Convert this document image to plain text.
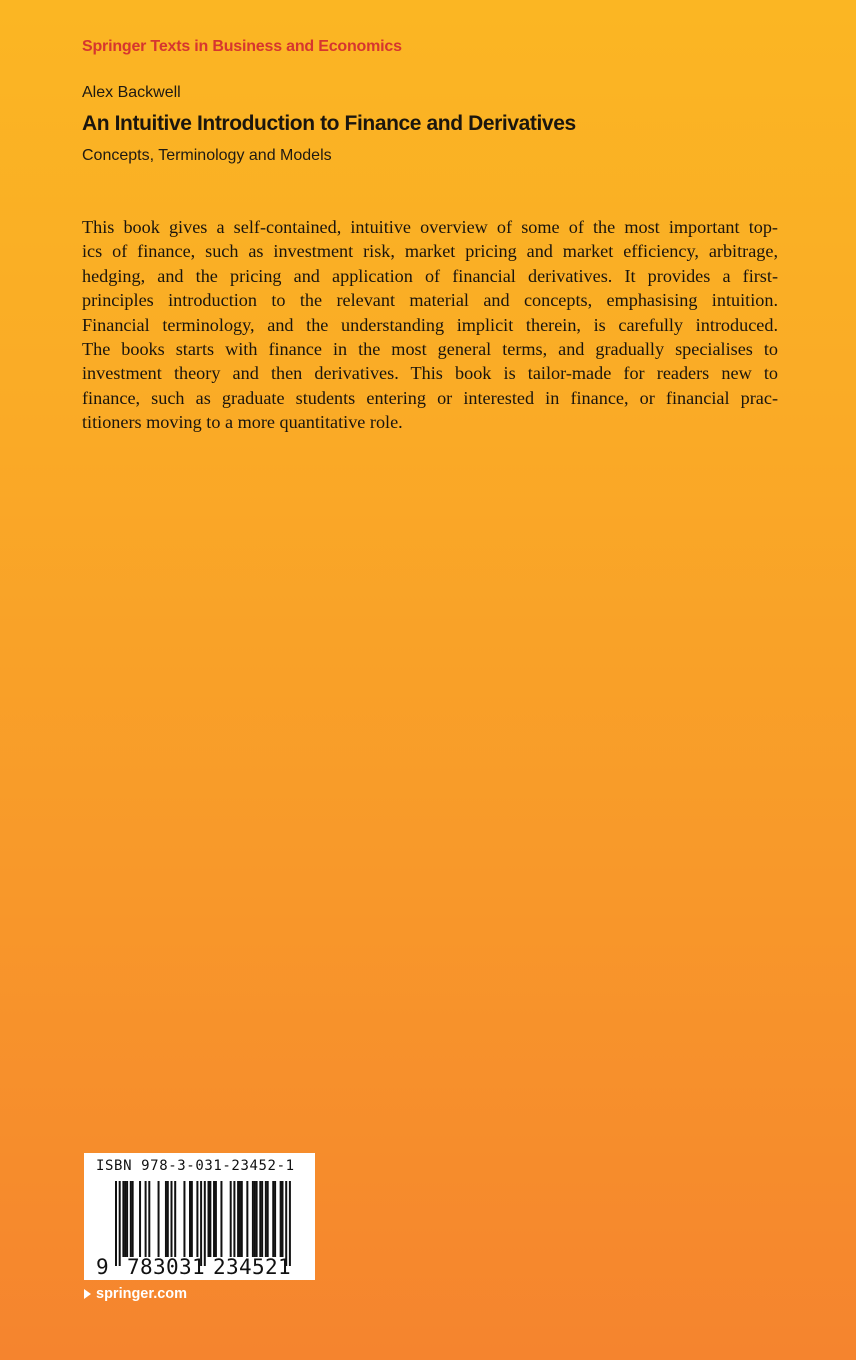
Springer Texts in Business and Economics
Alex Backwell
An Intuitive Introduction to Finance and Derivatives
Concepts, Terminology and Models
This book gives a self-contained, intuitive overview of some of the most important top-
ics of finance, such as investment risk, market pricing and market efficiency, arbitrage,
hedging, and the pricing and application of financial derivatives. It provides a first-
principles introduction to the relevant material and concepts, emphasising intuition.
Financial terminology, and the understanding implicit therein, is carefully introduced.
The books starts with finance in the most general terms, and gradually specialises to
investment theory and then derivatives. This book is tailor-made for readers new to
finance, such as graduate students entering or interested in finance, or financial prac-
titioners moving to a more quantitative role.
ISBN 978-3-031-23452-1
9 7 8 3 0 3 1 2 3 4 5 2 1
springer.com
